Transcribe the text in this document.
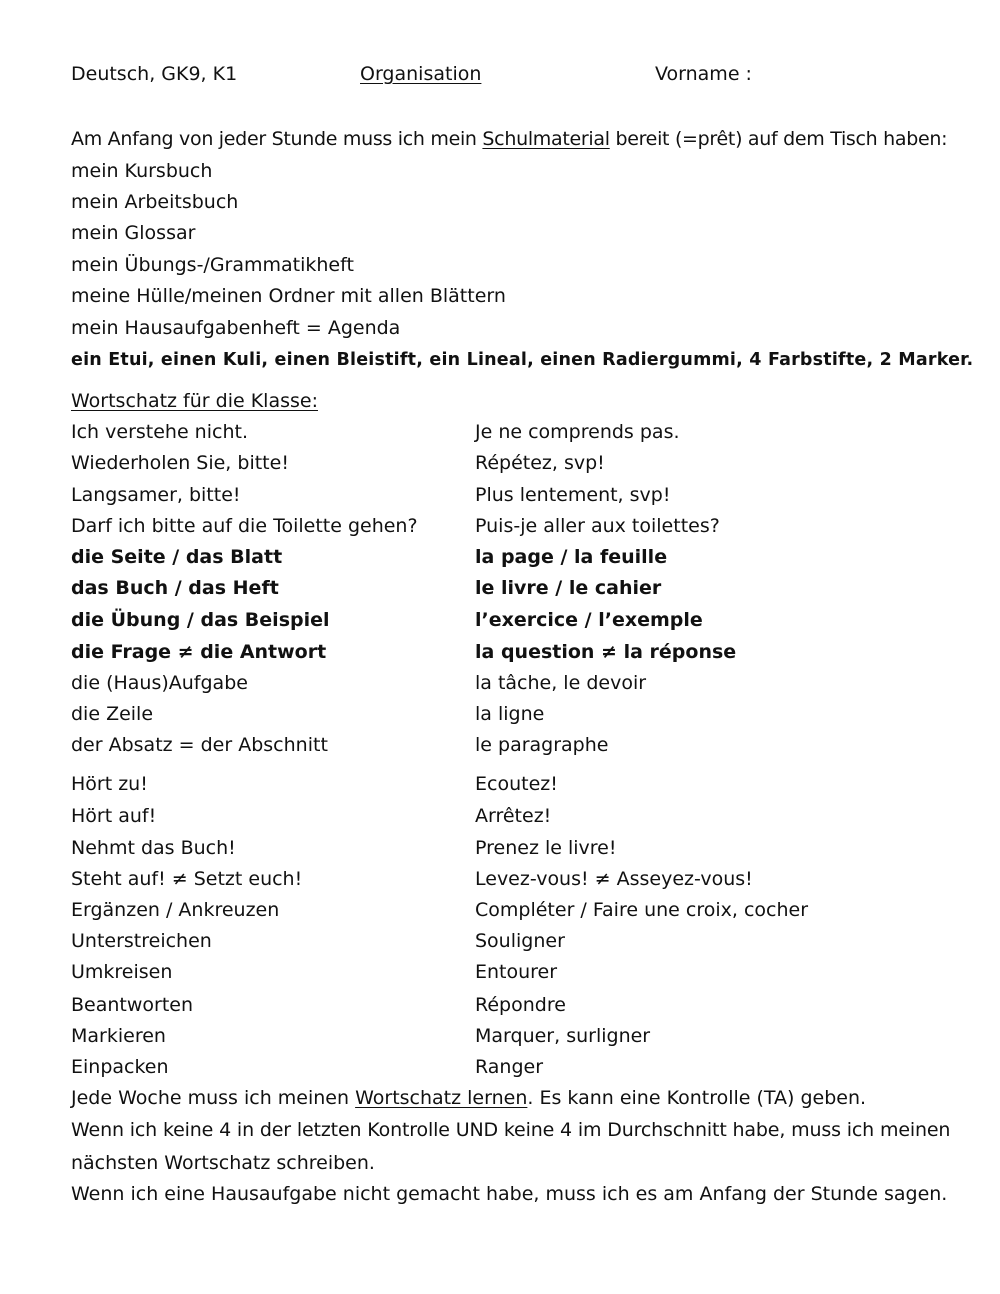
Deutsch, GK9, K1	Organisation	Vorname :
Am Anfang von jeder Stunde muss ich mein Schulmaterial bereit (=prêt) auf dem Tisch haben:
mein Kursbuch
mein Arbeitsbuch
mein Glossar
mein Übungs-/Grammatikheft
meine Hülle/meinen Ordner mit allen Blättern
mein Hausaufgabenheft = Agenda
ein Etui, einen Kuli, einen Bleistift, ein Lineal, einen Radiergummi, 4 Farbstifte, 2 Marker.
Wortschatz für die Klasse:
Ich verstehe nicht.	Je ne comprends pas.
Wiederholen Sie, bitte!	Répétez, svp!
Langsamer, bitte!	Plus lentement, svp!
Darf ich bitte auf die Toilette gehen?	Puis-je aller aux toilettes?
die Seite / das Blatt	la page / la feuille
das Buch / das Heft	le livre / le cahier
die Übung / das Beispiel	l’exercice / l’exemple
die Frage ≠ die Antwort	la question ≠ la réponse
die (Haus)Aufgabe	la tâche, le devoir
die Zeile	la ligne
der Absatz = der Abschnitt	le paragraphe
Hört zu!	Ecoutez!
Hört auf!	Arrêtez!
Nehmt das Buch!	Prenez le livre!
Steht auf! ≠ Setzt euch!	Levez-vous! ≠ Asseyez-vous!
Ergänzen / Ankreuzen	Compléter / Faire une croix, cocher
Unterstreichen	Souligner
Umkreisen	Entourer
Beantworten	Répondre
Markieren	Marquer, surligner
Einpacken	Ranger
Jede Woche muss ich meinen Wortschatz lernen. Es kann eine Kontrolle (TA) geben.
Wenn ich keine 4 in der letzten Kontrolle UND keine 4 im Durchschnitt habe, muss ich meinen
nächsten Wortschatz schreiben.
Wenn ich eine Hausaufgabe nicht gemacht habe, muss ich es am Anfang der Stunde sagen.
